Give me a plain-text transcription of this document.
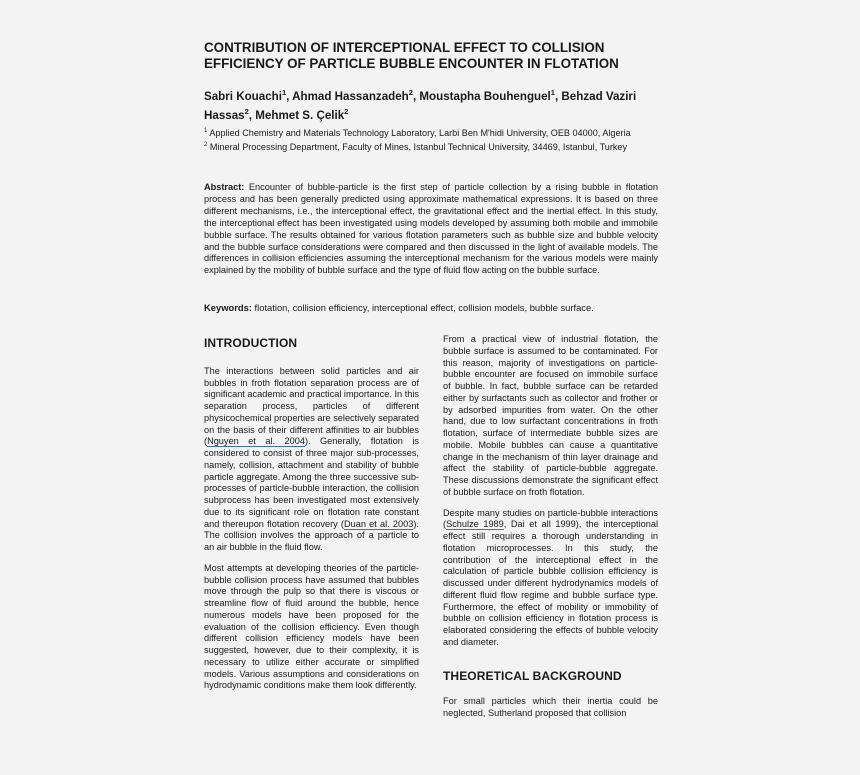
CONTRIBUTION OF INTERCEPTIONAL EFFECT TO COLLISION EFFICIENCY OF PARTICLE BUBBLE ENCOUNTER IN FLOTATION

Sabri Kouachi$^1$, Ahmad Hassanzadeh$^2$, Moustapha Bouhenguel$^1$, Behzad Vaziri Hassas$^2$, Mehmet S. Çelik$^2$

$^1$ Applied Chemistry and Materials Technology Laboratory, Larbi Ben M'hidi University, OEB 04000, Algeria

$^2$ Mineral Processing Department, Faculty of Mines, Istanbul Technical University, 34469, Istanbul, Turkey

Abstract: Encounter of bubble-particle is the first step of particle collection by a rising bubble in flotation process and has been generally predicted using approximate mathematical expressions. It is based on three different mechanisms, i.e., the interceptional effect, the gravitational effect and the inertial effect. In this study, the interceptional effect has been investigated using models developed by assuming both mobile and immobile bubble surface. The results obtained for various flotation parameters such as bubble size and bubble velocity and the bubble surface considerations were compared and then discussed in the light of available models. The differences in collision efficiencies assuming the interceptional mechanism for the various models were mainly explained by the mobility of bubble surface and the type of fluid flow acting on the bubble surface.

Keywords: flotation, collision efficiency, interceptional effect, collision models, bubble surface.

INTRODUCTION

The interactions between solid particles and air bubbles in froth flotation separation process are of significant academic and practical importance. In this separation process, particles of different physicochemical properties are selectively separated on the basis of their different affinities to air bubbles (Nguyen et al. 2004). Generally, flotation is considered to consist of three major sub-processes, namely, collision, attachment and stability of bubble particle aggregate. Among the three successive sub-processes of particle-bubble interaction, the collision subprocess has been investigated most extensively due to its significant role on flotation rate constant and thereupon flotation recovery (Duan et al. 2003). The collision involves the approach of a particle to an air bubble in the fluid flow.

Most attempts at developing theories of the particle-bubble collision process have assumed that bubbles move through the pulp so that there is viscous or streamline flow of fluid around the bubble, hence numerous models have been proposed for the evaluation of the collision efficiency. Even though different collision efficiency models have been suggested, however, due to their complexity, it is necessary to utilize either accurate or simplified models. Various assumptions and considerations on hydrodynamic conditions make them look differently.

From a practical view of industrial flotation, the bubble surface is assumed to be contaminated. For this reason, majority of investigations on particle-bubble encounter are focused on immobile surface of bubble. In fact, bubble surface can be retarded either by surfactants such as collector and frother or by adsorbed impurities from water. On the other hand, due to low surfactant concentrations in froth flotation, surface of intermediate bubble sizes are mobile. Mobile bubbles can cause a quantitative change in the mechanism of thin layer drainage and affect the stability of particle-bubble aggregate. These discussions demonstrate the significant effect of bubble surface on froth flotation.

Despite many studies on particle-bubble interactions (Schulze 1989, Dai et all 1999), the interceptional effect still requires a thorough understanding in flotation microprocesses. In this study, the contribution of the interceptional effect in the calculation of particle bubble collision efficiency is discussed under different hydrodynamics models of different fluid flow regime and bubble surface type. Furthermore, the effect of mobility or immobility of bubble on collision efficiency in flotation process is elaborated considering the effects of bubble velocity and diameter.

THEORETICAL BACKGROUND

For small particles which their inertia could be neglected, Sutherland proposed that collision
